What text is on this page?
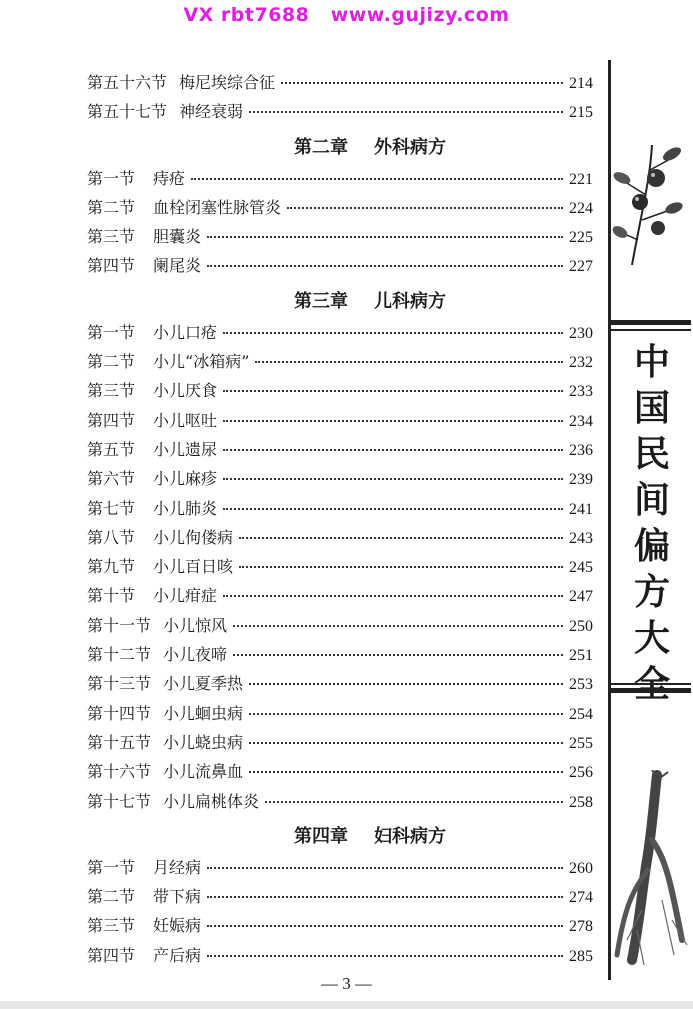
VX rbt7688   www.gujizy.com
第五十六节 梅尼埃综合征	214
第五十七节 神经衰弱	215
第二章 外科病方
第一节 痔疮	221
第二节 血栓闭塞性脉管炎	224
第三节 胆囊炎	225
第四节 阑尾炎	227
第三章 儿科病方
第一节 小儿口疮	230
第二节 小儿“冰箱病”	232
第三节 小儿厌食	233
第四节 小儿呕吐	234
第五节 小儿遗尿	236
第六节 小儿麻疹	239
第七节 小儿肺炎	241
第八节 小儿佝偻病	243
第九节 小儿百日咳	245
第十节 小儿疳症	247
第十一节 小儿惊风	250
第十二节 小儿夜啼	251
第十三节 小儿夏季热	253
第十四节 小儿蛔虫病	254
第十五节 小儿蛲虫病	255
第十六节 小儿流鼻血	256
第十七节 小儿扁桃体炎	258
第四章 妇科病方
第一节 月经病	260
第二节 带下病	274
第三节 妊娠病	278
第四节 产后病	285
中
国
民
间
偏
方
大
— 3 —
